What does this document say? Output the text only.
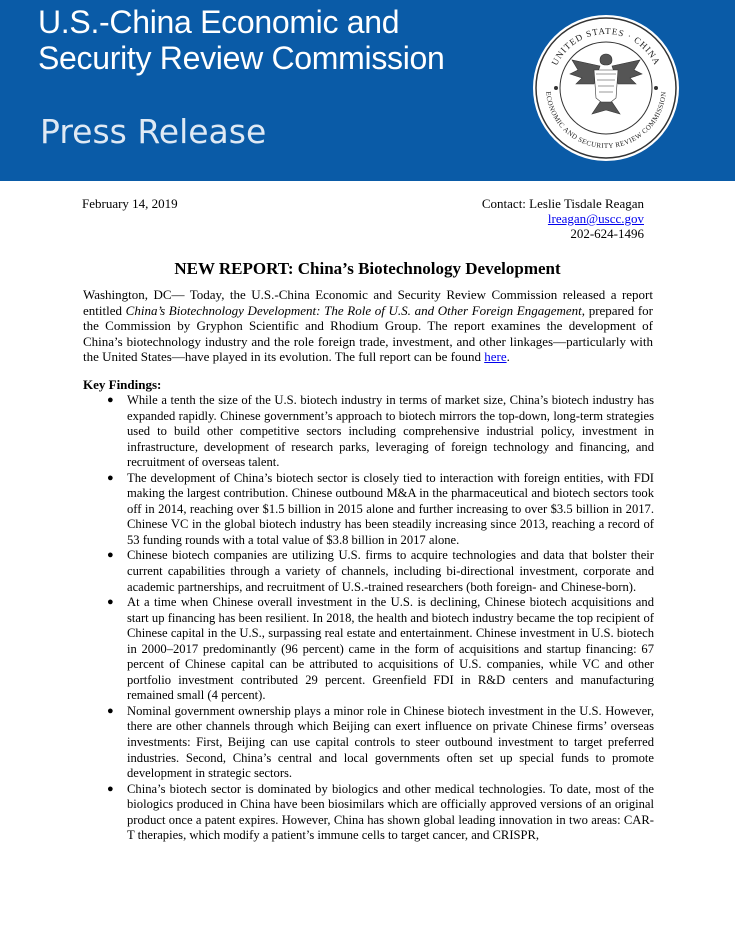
U.S.-China Economic and
Security Review Commission
Press Release
UNITED STATES · CHINA
ECONOMIC AND SECURITY REVIEW COMMISSION
February 14, 2019	Contact: Leslie Tisdale Reagan
lreagan@uscc.gov
202-624-1496
NEW REPORT: China’s Biotechnology Development
Washington, DC— Today, the U.S.-China Economic and Security Review Commission released a report entitled China’s Biotechnology Development: The Role of U.S. and Other Foreign Engagement, prepared for the Commission by Gryphon Scientific and Rhodium Group. The report examines the development of China’s biotechnology industry and the role foreign trade, investment, and other linkages—particularly with the United States—have played in its evolution. The full report can be found here.
Key Findings:
● While a tenth the size of the U.S. biotech industry in terms of market size, China’s biotech industry has expanded rapidly. Chinese government’s approach to biotech mirrors the top-down, long-term strategies used to build other competitive sectors including comprehensive industrial policy, investment in infrastructure, development of research parks, leveraging of foreign technology and financing, and recruitment of overseas talent.
● The development of China’s biotech sector is closely tied to interaction with foreign entities, with FDI making the largest contribution. Chinese outbound M&A in the pharmaceutical and biotech sectors took off in 2014, reaching over $1.5 billion in 2015 alone and further increasing to over $3.5 billion in 2017. Chinese VC in the global biotech industry has been steadily increasing since 2013, reaching a record of 53 funding rounds with a total value of $3.8 billion in 2017 alone.
● Chinese biotech companies are utilizing U.S. firms to acquire technologies and data that bolster their current capabilities through a variety of channels, including bi-directional investment, corporate and academic partnerships, and recruitment of U.S.-trained researchers (both foreign- and Chinese-born).
● At a time when Chinese overall investment in the U.S. is declining, Chinese biotech acquisitions and start up financing has been resilient. In 2018, the health and biotech industry became the top recipient of Chinese capital in the U.S., surpassing real estate and entertainment. Chinese investment in U.S. biotech in 2000–2017 predominantly (96 percent) came in the form of acquisitions and startup financing: 67 percent of Chinese capital can be attributed to acquisitions of U.S. companies, while VC and other portfolio investment contributed 29 percent. Greenfield FDI in R&D centers and manufacturing remained small (4 percent).
● Nominal government ownership plays a minor role in Chinese biotech investment in the U.S. However, there are other channels through which Beijing can exert influence on private Chinese firms’ overseas investments: First, Beijing can use capital controls to steer outbound investment to target preferred industries. Second, China’s central and local governments often set up special funds to promote development in strategic sectors.
● China’s biotech sector is dominated by biologics and other medical technologies. To date, most of the biologics produced in China have been biosimilars which are officially approved versions of an original product once a patent expires. However, China has shown global leading innovation in two areas: CAR-T therapies, which modify a patient’s immune cells to target cancer, and CRISPR,
